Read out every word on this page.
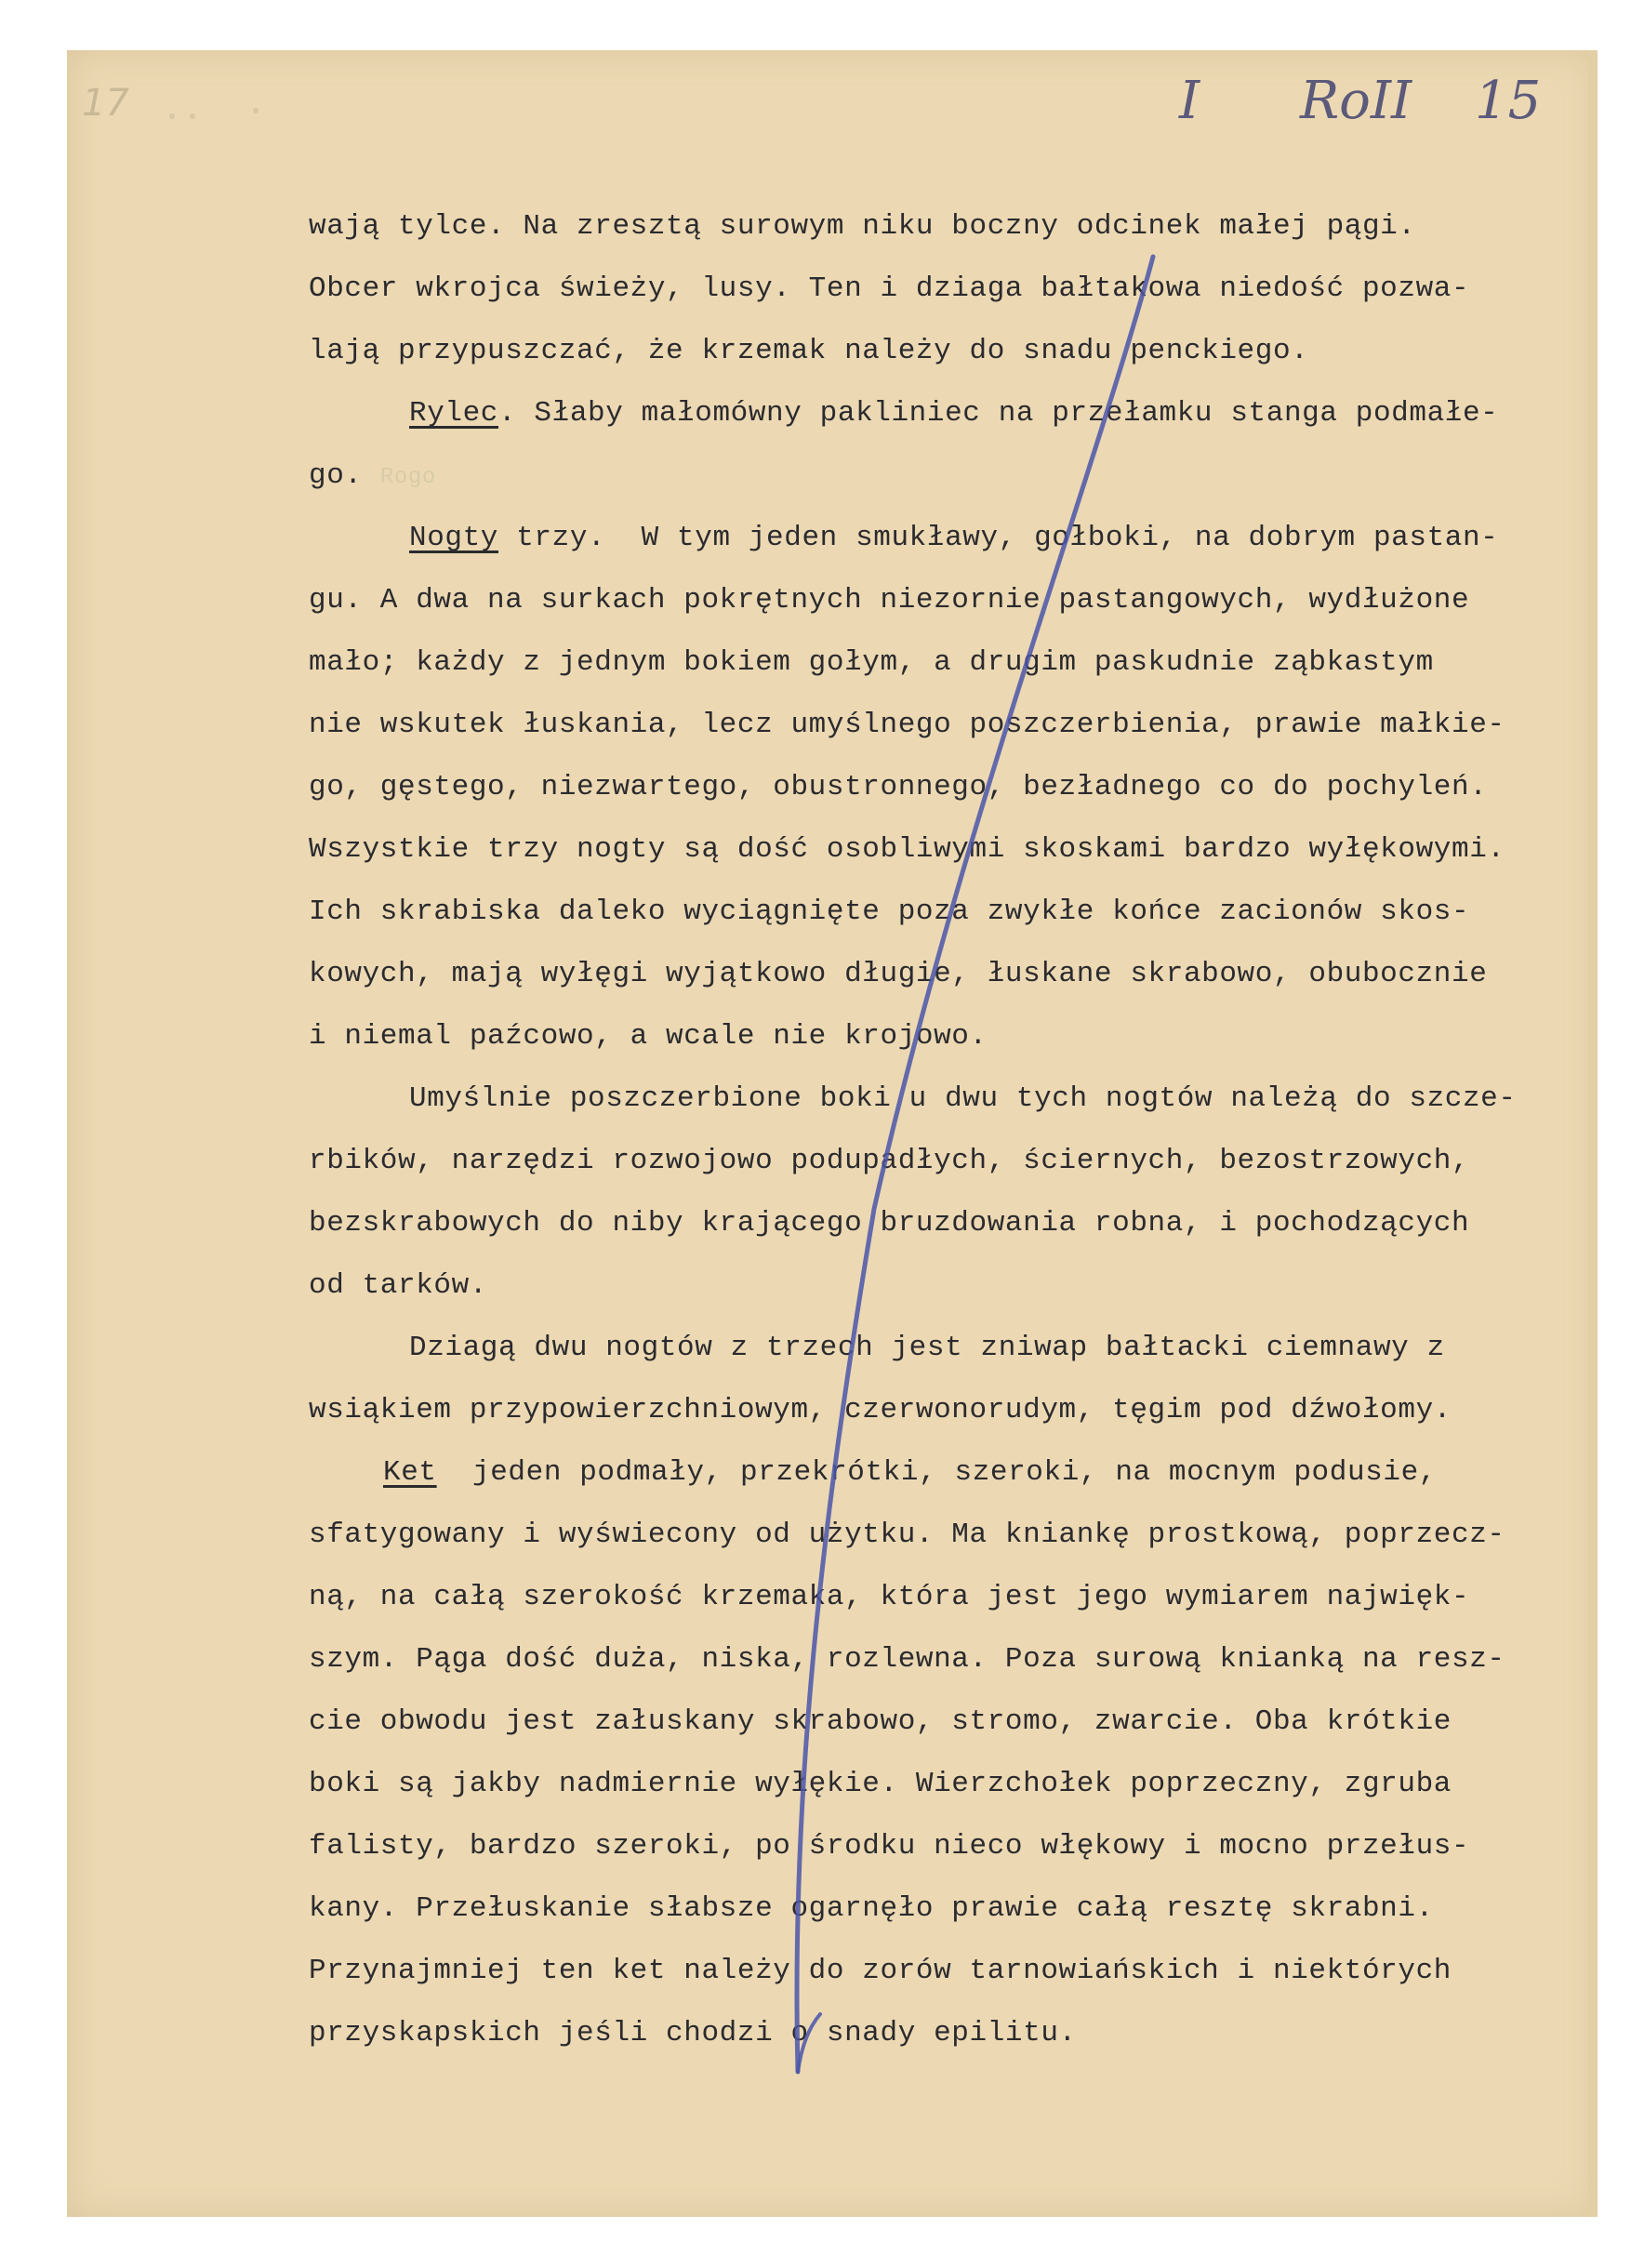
17	I RoII 15
wają tylce. Na zresztą surowym niku boczny odcinek małej pągi.
Obcer wkrojca świeży, lusy. Ten i dziaga bałtakowa niedość pozwa-
lają przypuszczać, że krzemak należy do snadu penckiego.
Rylec. Słaby małomówny pakliniec na przełamku stanga podmałe-
go. Rogo
Nogty trzy.  W tym jeden smukławy, gołboki, na dobrym pastan-
gu. A dwa na surkach pokrętnych niezornie pastangowych, wydłużone
mało; każdy z jednym bokiem gołym, a drugim paskudnie ząbkastym
nie wskutek łuskania, lecz umyślnego poszczerbienia, prawie małkie-
go, gęstego, niezwartego, obustronnego, bezładnego co do pochyleń.
Wszystkie trzy nogty są dość osobliwymi skoskami bardzo wyłękowymi.
Ich skrabiska daleko wyciągnięte poza zwykłe końce zacionów skos-
kowych, mają wyłęgi wyjątkowo długie, łuskane skrabowo, obubocznie
i niemal paźcowo, a wcale nie krojowo.
Umyślnie poszczerbione boki u dwu tych nogtów należą do szcze-
rbików, narzędzi rozwojowo podupadłych, ściernych, bezostrzowych,
bezskrabowych do niby krającego bruzdowania robna, i pochodzących
od tarków.
Dziagą dwu nogtów z trzech jest zniwap bałtacki ciemnawy z
wsiąkiem przypowierzchniowym, czerwonorudym, tęgim pod dźwołomy.
Ket  jeden podmały, przekrótki, szeroki, na mocnym podusie,
sfatygowany i wyświecony od użytku. Ma kniankę prostkową, poprzecz-
ną, na całą szerokość krzemaka, która jest jego wymiarem najwięk-
szym. Pąga dość duża, niska, rozlewna. Poza surową knianką na resz-
cie obwodu jest załuskany skrabowo, stromo, zwarcie. Oba krótkie
boki są jakby nadmiernie wyłękie. Wierzchołek poprzeczny, zgruba
falisty, bardzo szeroki, po środku nieco włękowy i mocno przełus-
kany. Przełuskanie słabsze ogarnęło prawie całą resztę skrabni.
Przynajmniej ten ket należy do zorów tarnowiańskich i niektórych
przyskapskich jeśli chodzi o snady epilitu.
